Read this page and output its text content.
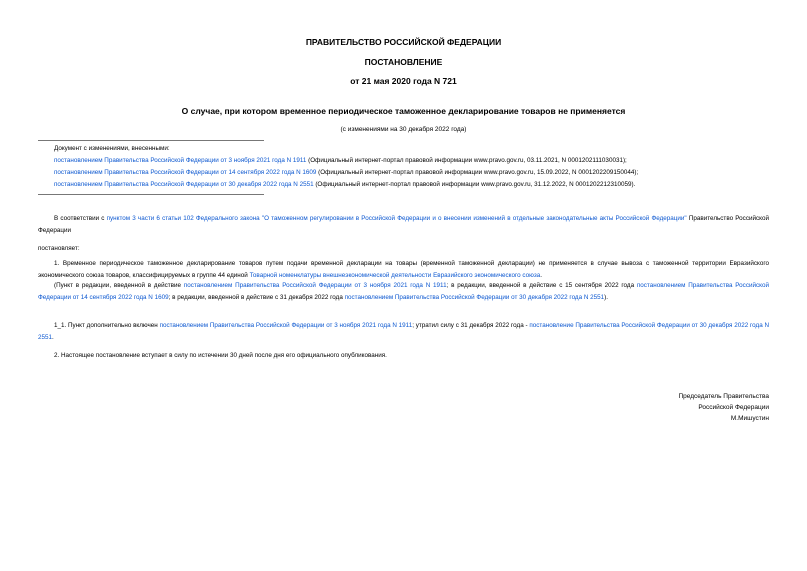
ПРАВИТЕЛЬСТВО РОССИЙСКОЙ ФЕДЕРАЦИИ
ПОСТАНОВЛЕНИЕ
от 21 мая 2020 года N 721
О случае, при котором временное периодическое таможенное декларирование товаров не применяется
(с изменениями на 30 декабря 2022 года)
Документ с изменениями, внесенными:
постановлением Правительства Российской Федерации от 3 ноября 2021 года N 1911 (Официальный интернет-портал правовой информации www.pravo.gov.ru, 03.11.2021, N 0001202111030031);
постановлением Правительства Российской Федерации от 14 сентября 2022 года N 1609 (Официальный интернет-портал правовой информации www.pravo.gov.ru, 15.09.2022, N 0001202209150044);
постановлением Правительства Российской Федерации от 30 декабря 2022 года N 2551 (Официальный интернет-портал правовой информации www.pravo.gov.ru, 31.12.2022, N 0001202212310059).
В соответствии с пунктом 3 части 6 статьи 102 Федерального закона "О таможенном регулировании в Российской Федерации и о внесении изменений в отдельные законодательные акты Российской Федерации" Правительство Российской Федерации
постановляет:
1. Временное периодическое таможенное декларирование товаров путем подачи временной декларации на товары (временной таможенной декларации) не применяется в случае вывоза с таможенной территории Евразийского экономического союза товаров, классифицируемых в группе 44 единой Товарной номенклатуры внешнеэкономической деятельности Евразийского экономического союза.
(Пункт в редакции, введенной в действие постановлением Правительства Российской Федерации от 3 ноября 2021 года N 1911; в редакции, введенной в действие с 15 сентября 2022 года постановлением Правительства Российской Федерации от 14 сентября 2022 года N 1609; в редакции, введенной в действие с 31 декабря 2022 года постановлением Правительства Российской Федерации от 30 декабря 2022 года N 2551).
1_1. Пункт дополнительно включен постановлением Правительства Российской Федерации от 3 ноября 2021 года N 1911; утратил силу с 31 декабря 2022 года - постановление Правительства Российской Федерации от 30 декабря 2022 года N 2551.
2. Настоящее постановление вступает в силу по истечении 30 дней после дня его официального опубликования.
Председатель Правительства
Российской Федерации
М.Мишустин
